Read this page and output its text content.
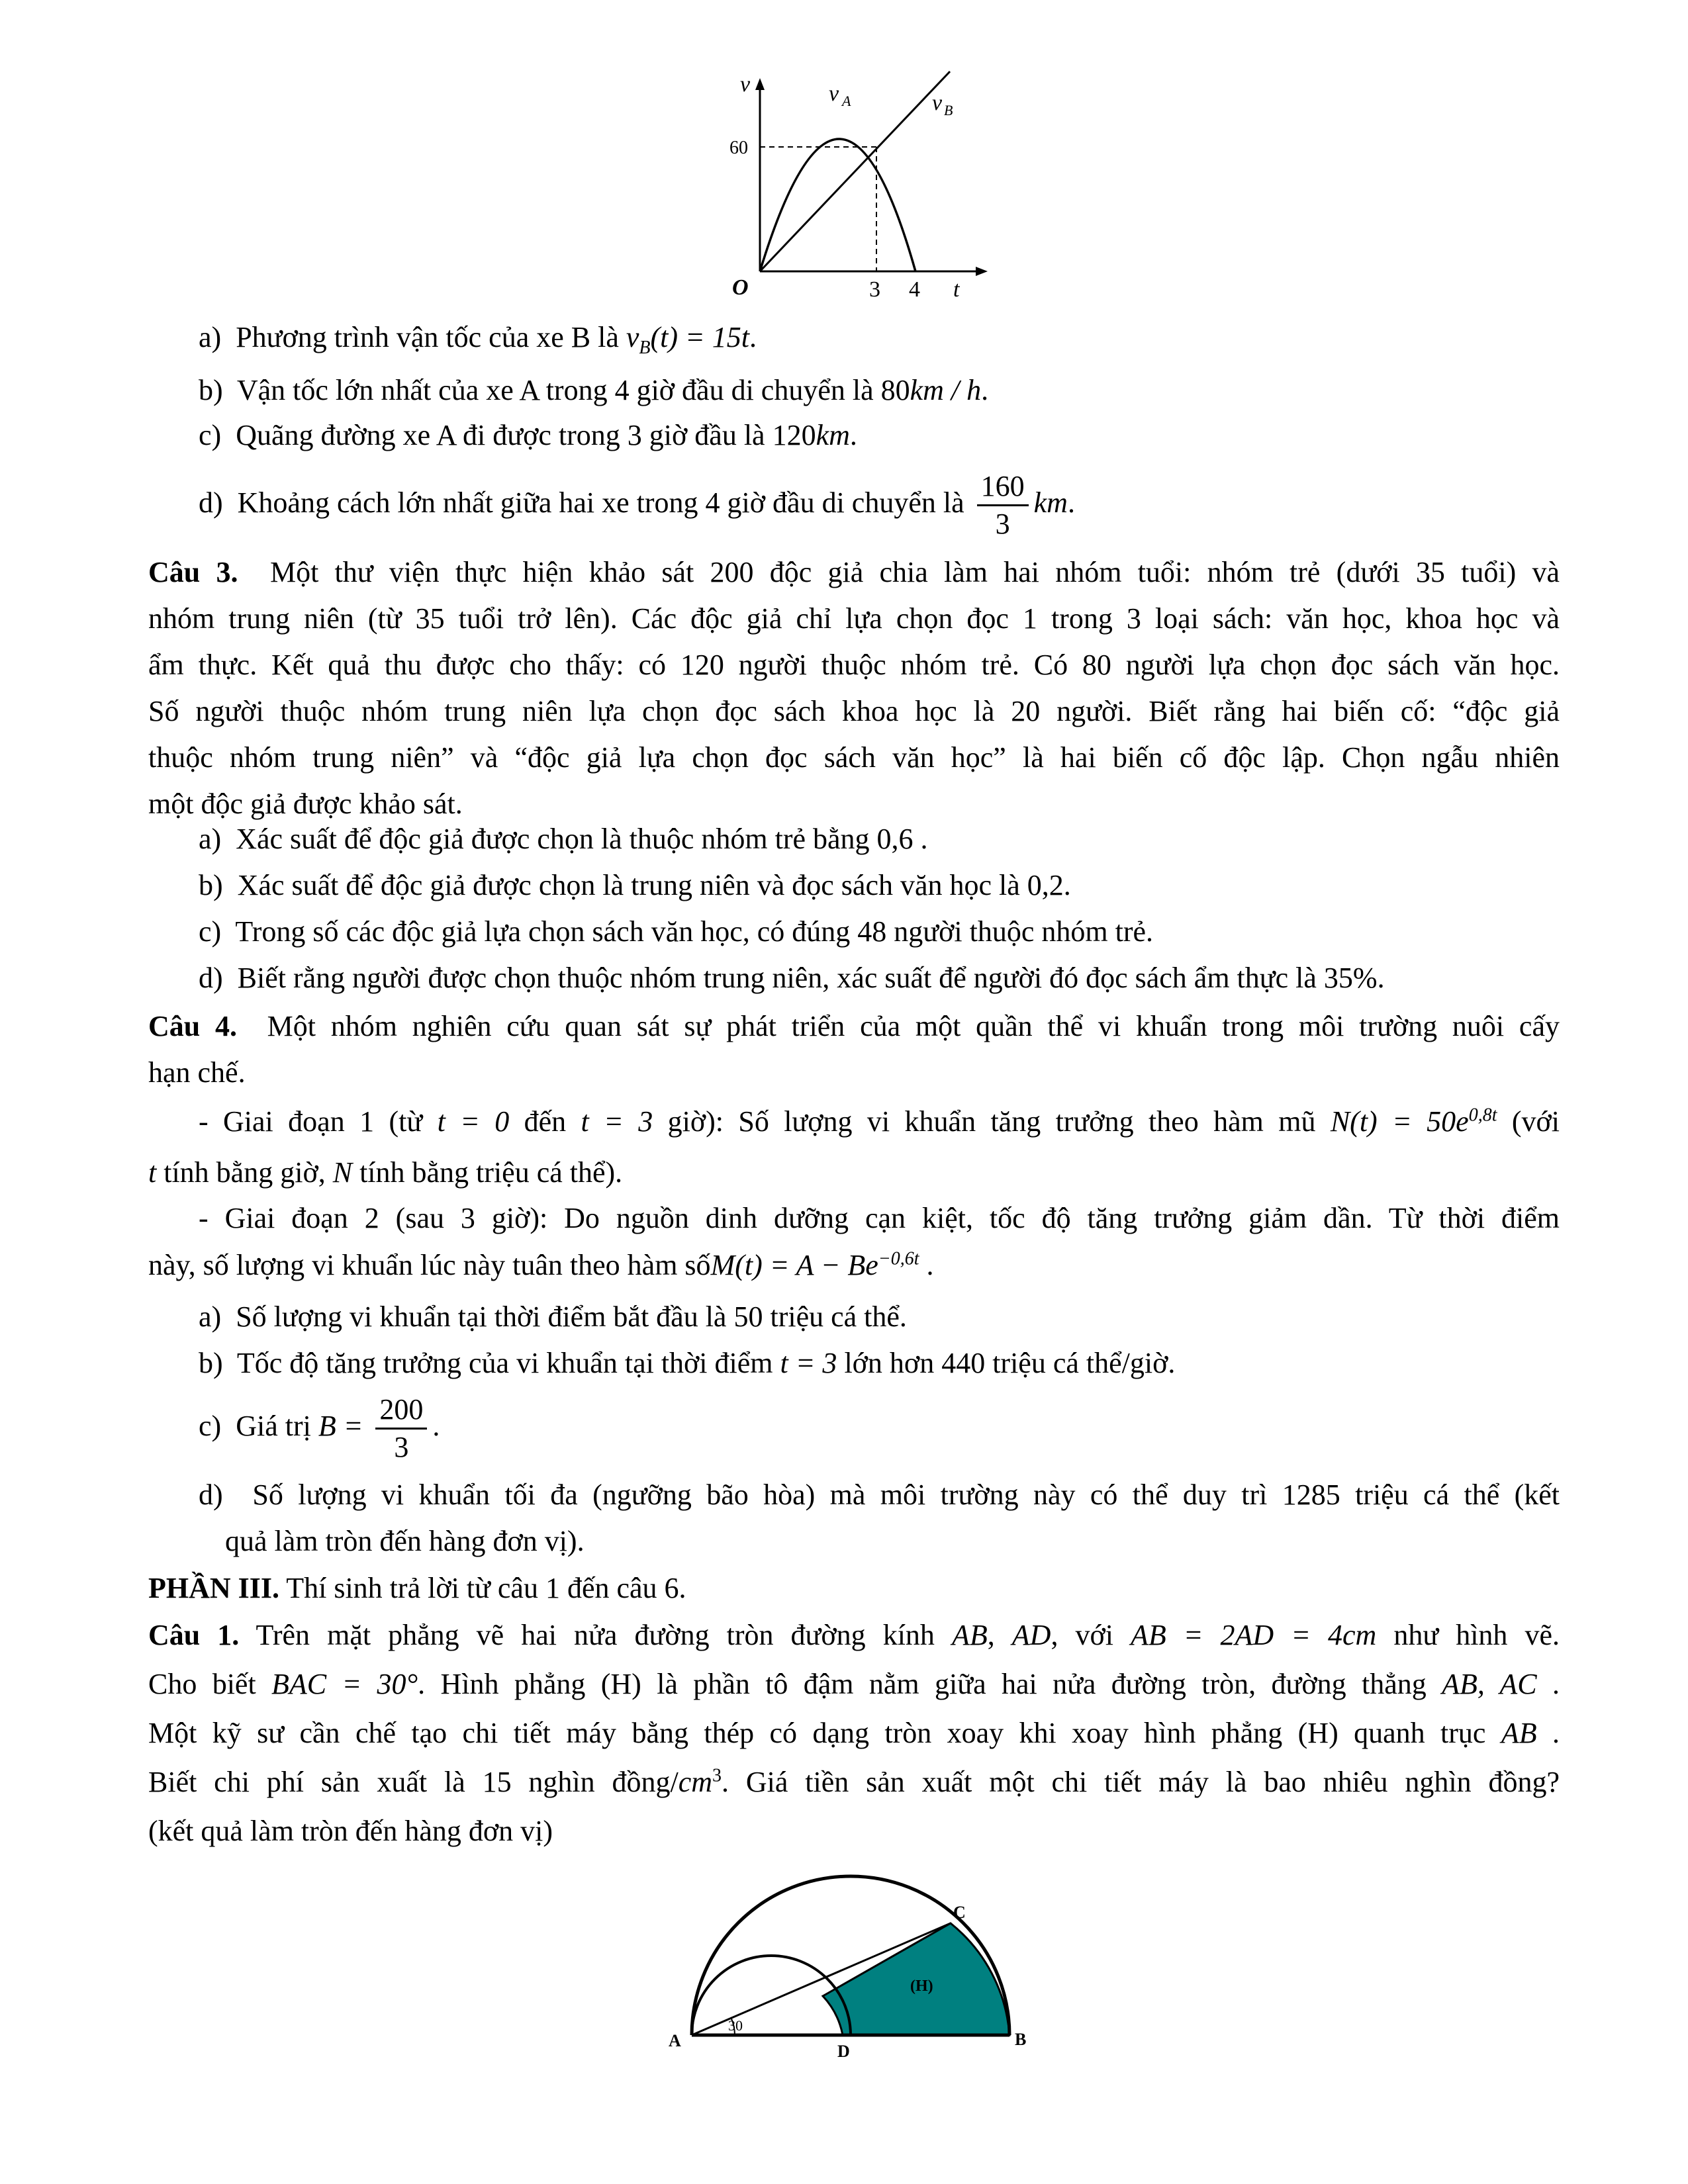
v	v A	v B
60
O	3 4 t
a) Phương trình vận tốc của xe B là $v_B(t) = 15t$.
b) Vận tốc lớn nhất của xe A trong 4 giờ đầu di chuyển là 80km / h.
c) Quãng đường xe A đi được trong 3 giờ đầu là 120km.
d) Khoảng cách lớn nhất giữa hai xe trong 4 giờ đầu di chuyển là $\frac{160}{3}$ km.
Câu 3. Một thư viện thực hiện khảo sát 200 độc giả chia làm hai nhóm tuổi: nhóm trẻ (dưới 35 tuổi) và
nhóm trung niên (từ 35 tuổi trở lên). Các độc giả chỉ lựa chọn đọc 1 trong 3 loại sách: văn học, khoa học và
ẩm thực. Kết quả thu được cho thấy: có 120 người thuộc nhóm trẻ. Có 80 người lựa chọn đọc sách văn học.
Số người thuộc nhóm trung niên lựa chọn đọc sách khoa học là 20 người. Biết rằng hai biến cố: “độc giả
thuộc nhóm trung niên” và “độc giả lựa chọn đọc sách văn học” là hai biến cố độc lập. Chọn ngẫu nhiên
một độc giả được khảo sát.
a) Xác suất để độc giả được chọn là thuộc nhóm trẻ bằng 0,6 .
b)  Xác suất để độc giả được chọn là trung niên và đọc sách văn học là 0,2.
c) Trong số các độc giả lựa chọn sách văn học, có đúng 48 người thuộc nhóm trẻ.
d) Biết rằng người được chọn thuộc nhóm trung niên, xác suất để người đó đọc sách ẩm thực là 35%.
Câu 4. Một nhóm nghiên cứu quan sát sự phát triển của một quần thể vi khuẩn trong môi trường nuôi cấy
hạn chế.
- Giai đoạn 1 (từ t = 0 đến t = 3 giờ): Số lượng vi khuẩn tăng trưởng theo hàm mũ $N(t) = 50e^{0,8t}$ (với
t tính bằng giờ, N tính bằng triệu cá thể).
- Giai đoạn 2 (sau 3 giờ): Do nguồn dinh dưỡng cạn kiệt, tốc độ tăng trưởng giảm dần. Từ thời điểm
này, số lượng vi khuẩn lúc này tuân theo hàm sốM(t) = $A - Be^{-0,6t}$ .
a) Số lượng vi khuẩn tại thời điểm bắt đầu là 50 triệu cá thể.
b) Tốc độ tăng trưởng của vi khuẩn tại thời điểm t = 3 lớn hơn 440 triệu cá thể/giờ.
c) Giá trị $B = \frac{200}{3}$ .
d) Số lượng vi khuẩn tối đa (ngưỡng bão hòa) mà môi trường này có thể duy trì 1285 triệu cá thể (kết
quả làm tròn đến hàng đơn vị).
PHẦN III. Thí sinh trả lời từ câu 1 đến câu 6.
Câu 1. Trên mặt phẳng vẽ hai nửa đường tròn đường kính AB, AD, với AB = 2AD = 4cm như hình vẽ.
Cho biết BAC = 30°. Hình phẳng (H) là phần tô đậm nằm giữa hai nửa đường tròn, đường thẳng AB, AC .
Một kỹ sư cần chế tạo chi tiết máy bằng thép có dạng tròn xoay khi xoay hình phẳng (H) quanh trục AB .
Biết chi phí sản xuất là 15 nghìn đồng/$cm^3$. Giá tiền sản xuất một chi tiết máy là bao nhiêu nghìn đồng?
(kết quả làm tròn đến hàng đơn vị)
30
(H)
A	B
C
D
